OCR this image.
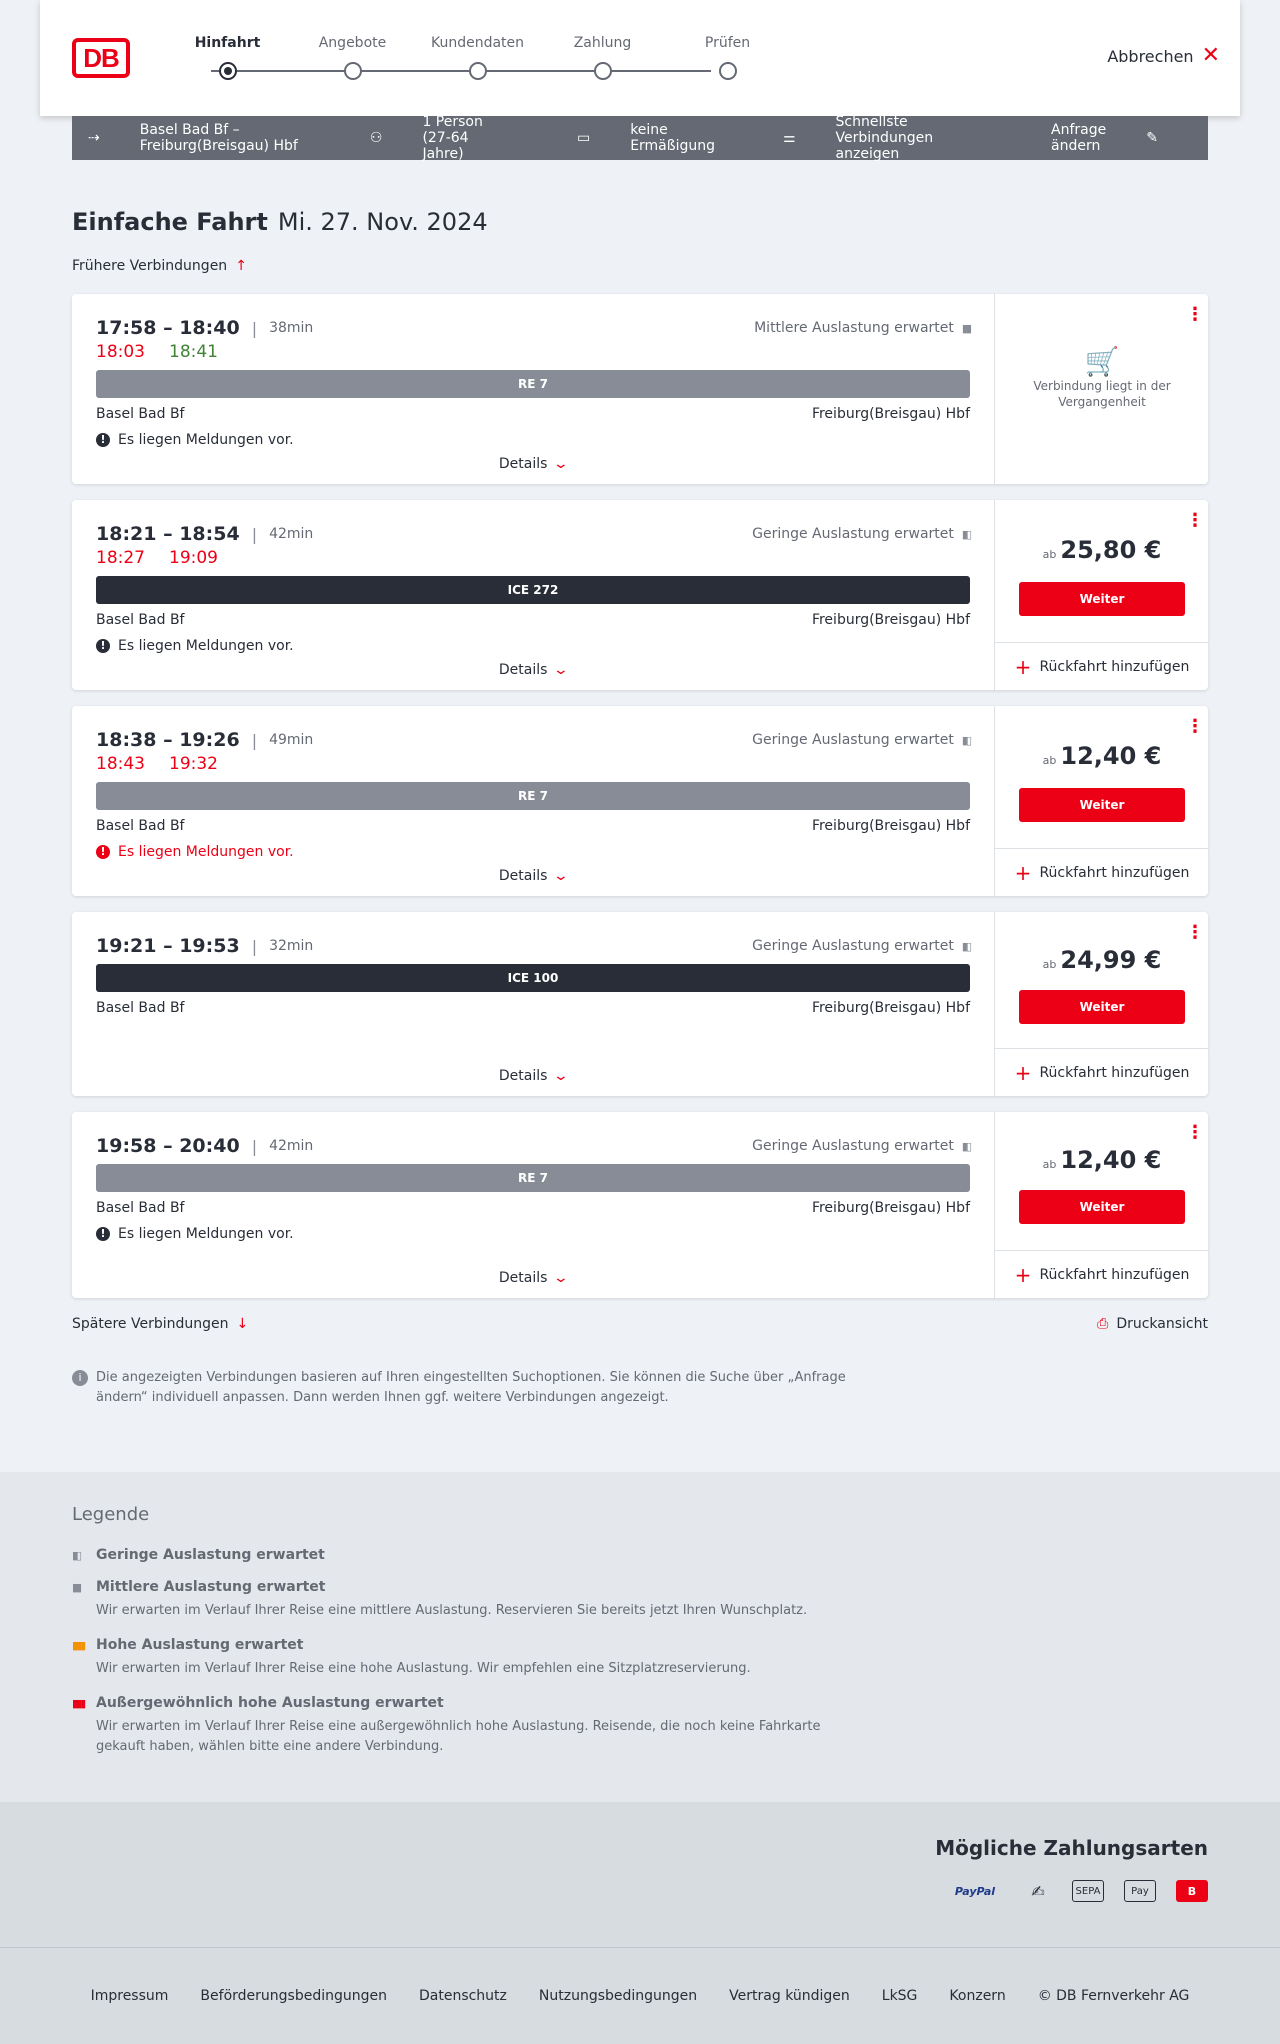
DB	Hinfahrt	Angebote	Kundendaten	Zahlung	Prüfen
Abbrechen ✕
⇢	Basel Bad Bf – Freiburg(Breisgau) Hbf	⚇
1 Person (27-64 Jahre)
▭	keine Ermäßigung	⚌
Schnellste Verbindungen anzeigen
Anfrage ändern	✎
Einfache Fahrt Mi. 27. Nov. 2024
Frühere Verbindungen ↑
17:58 – 18:40 | 38min	Mittlere Auslastung erwartet ▮▮
18:03 18:41
RE 7
Basel Bad Bf	Freiburg(Breisgau) Hbf
! Es liegen Meldungen vor.
Details ⌄
⋮
🛒
Verbindung liegt in der Vergangenheit
18:21 – 18:54 | 42min	Geringe Auslastung erwartet ▮▯
18:27 19:09
ICE 272
Basel Bad Bf	Freiburg(Breisgau) Hbf
! Es liegen Meldungen vor.
Details ⌄
⋮
ab 25,80 €
Weiter
+ Rückfahrt hinzufügen
18:38 – 19:26 | 49min	Geringe Auslastung erwartet ▮▯
18:43 19:32
RE 7
Basel Bad Bf	Freiburg(Breisgau) Hbf
! Es liegen Meldungen vor.
Details ⌄
⋮
ab 12,40 €
Weiter
+ Rückfahrt hinzufügen
19:21 – 19:53 | 32min	Geringe Auslastung erwartet ▮▯
ICE 100
Basel Bad Bf	Freiburg(Breisgau) Hbf
Details ⌄
⋮
ab 24,99 €
Weiter
+ Rückfahrt hinzufügen
19:58 – 20:40 | 42min	Geringe Auslastung erwartet ▮▯
RE 7
Basel Bad Bf	Freiburg(Breisgau) Hbf
! Es liegen Meldungen vor.
Details ⌄
⋮
ab 12,40 €
Weiter
+ Rückfahrt hinzufügen
Spätere Verbindungen ↓	⎙ Druckansicht
i	Die angezeigten Verbindungen basieren auf Ihren eingestellten Suchoptionen. Sie können die Suche über „Anfrage ändern“ individuell anpassen. Dann werden Ihnen ggf. weitere Verbindungen angezeigt.
Legende
▮▯	Geringe Auslastung erwartet
▮▮	Mittlere Auslastung erwartet
Wir erwarten im Verlauf Ihrer Reise eine mittlere Auslastung. Reservieren Sie bereits jetzt Ihren Wunschplatz.
▮▮▮ Hohe Auslastung erwartet
Wir erwarten im Verlauf Ihrer Reise eine hohe Auslastung. Wir empfehlen eine Sitzplatzreservierung.
▮▮▮ Außergewöhnlich hohe Auslastung erwartet
Wir erwarten im Verlauf Ihrer Reise eine außergewöhnlich hohe Auslastung. Reisende, die noch keine Fahrkarte gekauft haben, wählen bitte eine andere Verbindung.
Mögliche Zahlungsarten
PayPal	✍	SEPA	Pay	B
Impressum Beförderungsbedingungen Datenschutz Nutzungsbedingungen Vertrag kündigen LkSG Konzern © DB Fernverkehr AG
